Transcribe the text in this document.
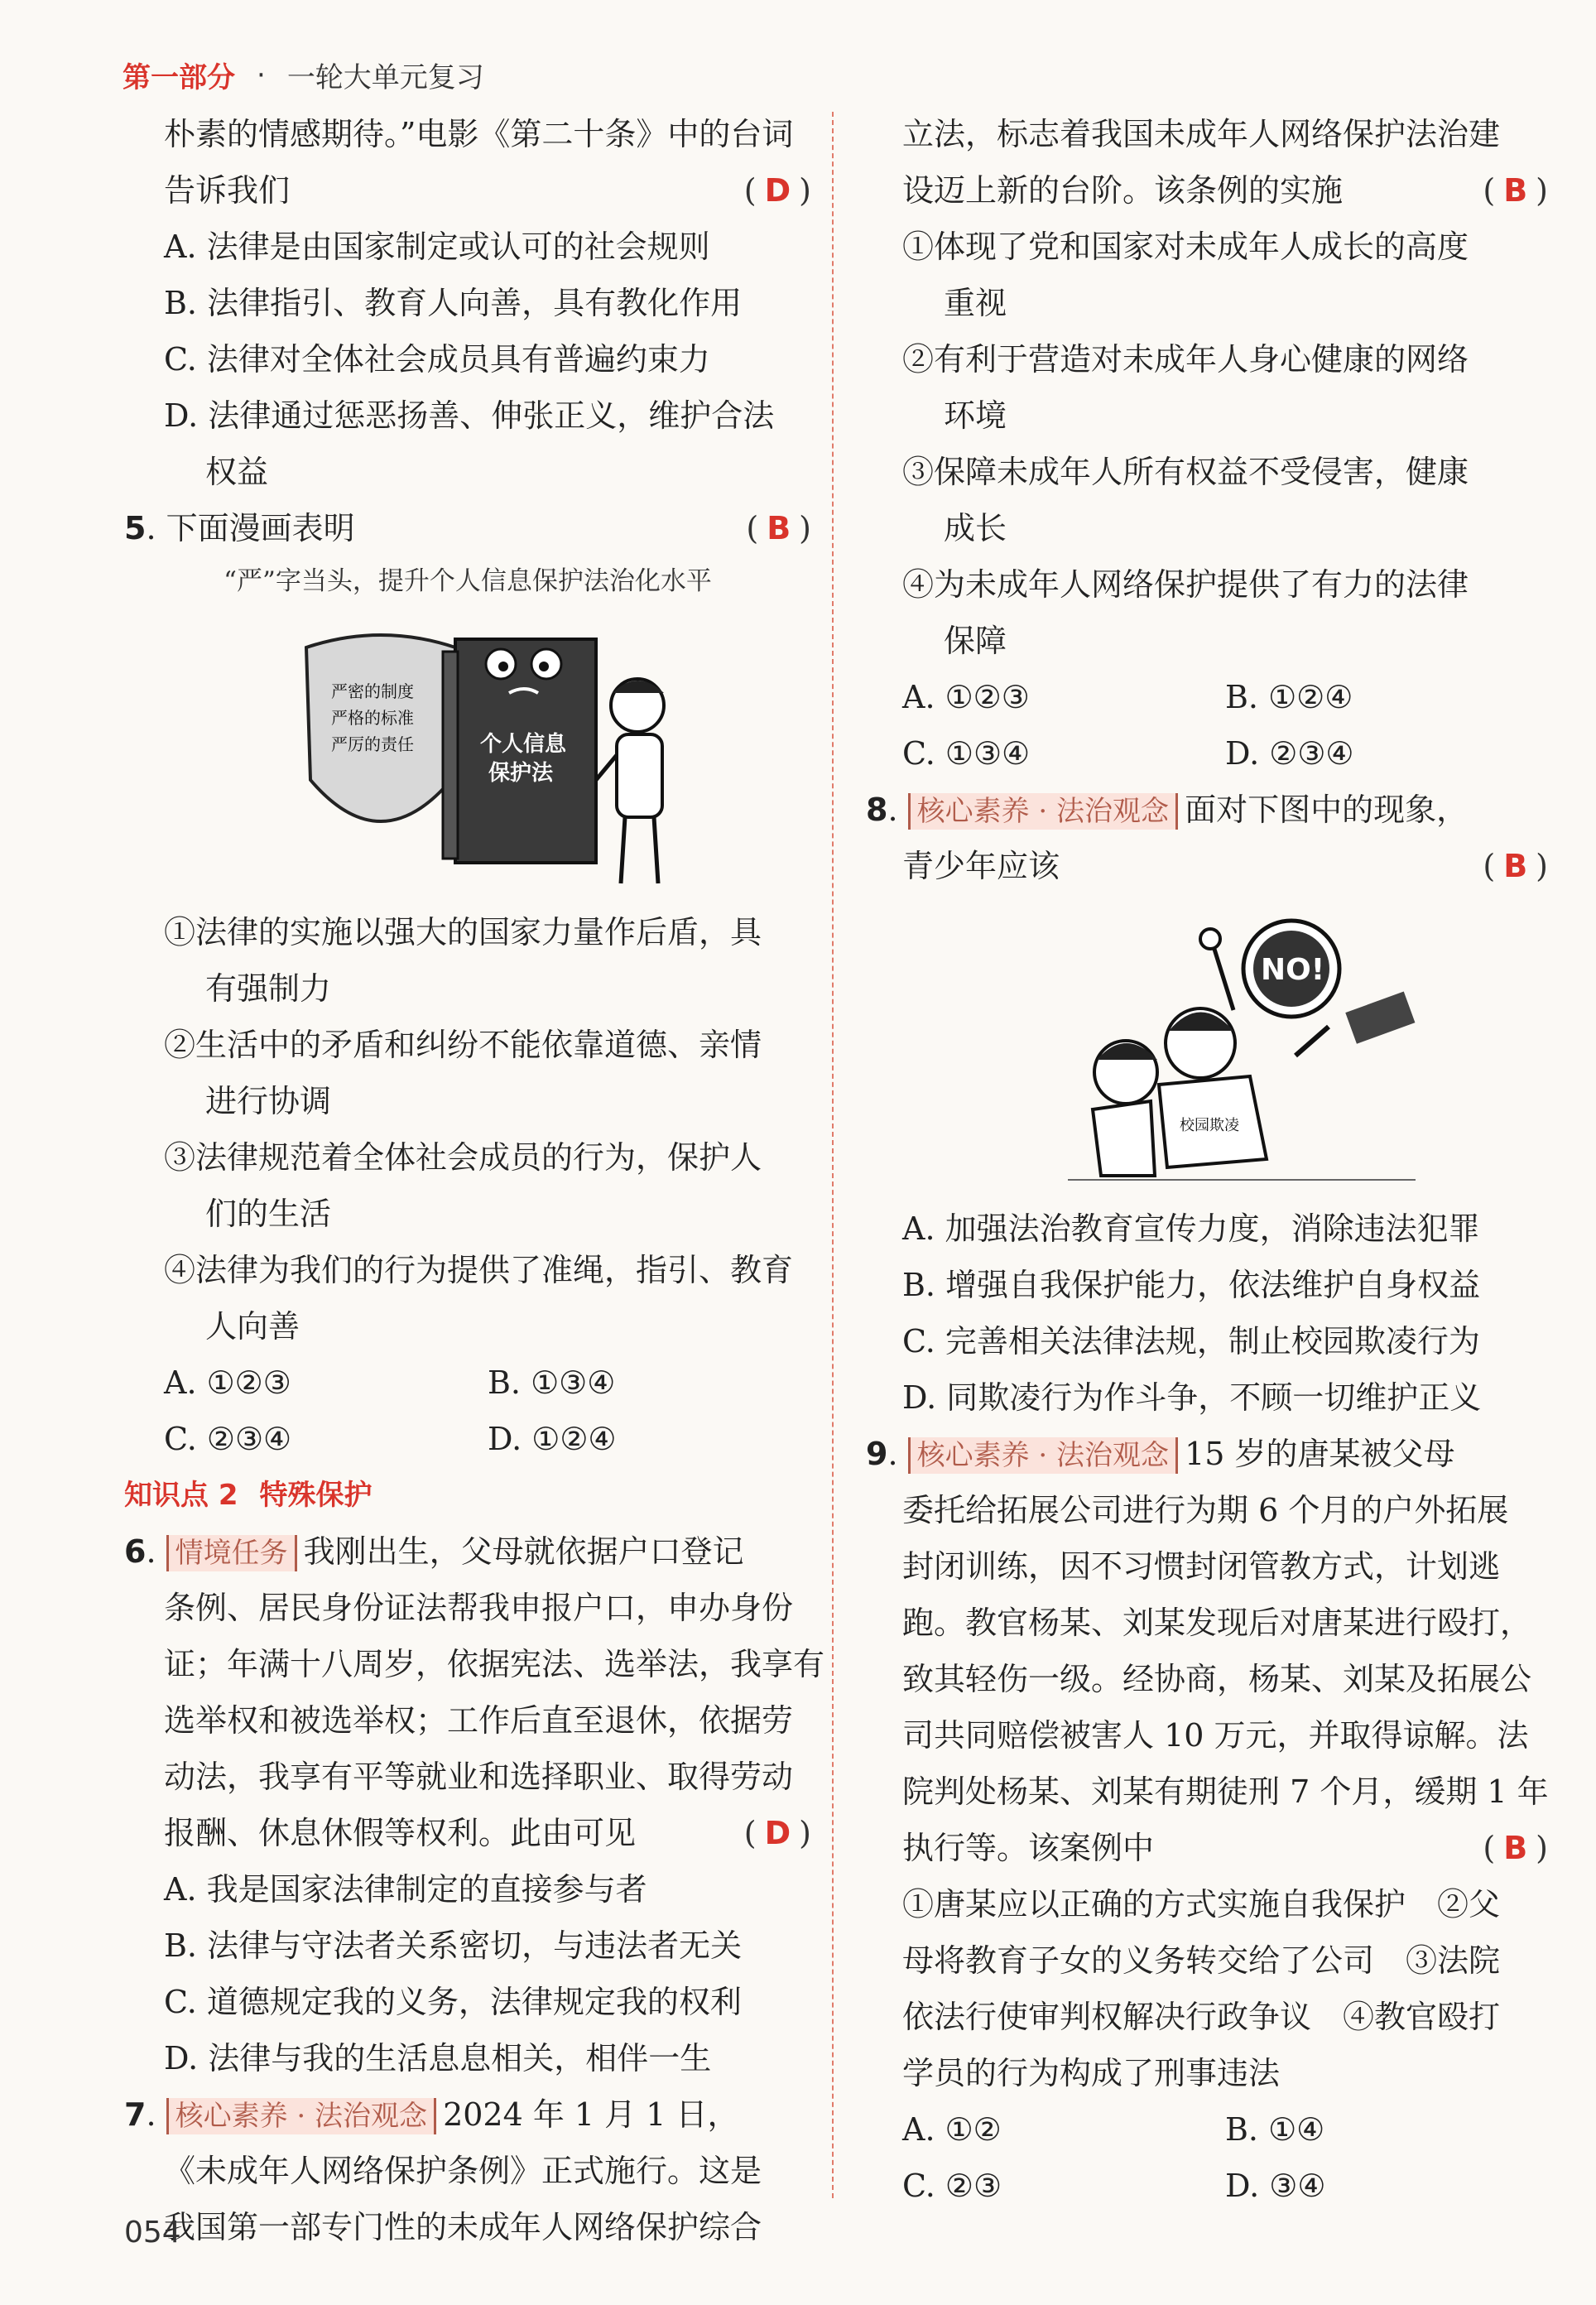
第一部分 · 一轮大单元复习
朴素的情感期待。”电影《第二十条》中的台词
告诉我们	( D )
A. 法律是由国家制定或认可的社会规则
B. 法律指引、教育人向善，具有教化作用
C. 法律对全体社会成员具有普遍约束力
D. 法律通过惩恶扬善、伸张正义，维护合法
权益
5. 下面漫画表明	( B )
“严”字当头，提升个人信息保护法治化水平
严密的制度
严格的标准
严厉的责任	个人信息
保护法
①法律的实施以强大的国家力量作后盾，具
有强制力
②生活中的矛盾和纠纷不能依靠道德、亲情
进行协调
③法律规范着全体社会成员的行为，保护人
们的生活
④法律为我们的行为提供了准绳，指引、教育
人向善
A. ①②③	B. ①③④
C. ②③④	D. ①②④
知识点 2 特殊保护
6. 情境任务 我刚出生，父母就依据户口登记
条例、居民身份证法帮我申报户口，申办身份
证；年满十八周岁，依据宪法、选举法，我享有
选举权和被选举权；工作后直至退休，依据劳
动法，我享有平等就业和选择职业、取得劳动
报酬、休息休假等权利。此由可见	( D )
A. 我是国家法律制定的直接参与者
B. 法律与守法者关系密切，与违法者无关
C. 道德规定我的义务，法律规定我的权利
D. 法律与我的生活息息相关，相伴一生
7. 核心素养 · 法治观念 2024 年 1 月 1 日，
《未成年人网络保护条例》正式施行。这是
我国第一部专门性的未成年人网络保护综合
立法，标志着我国未成年人网络保护法治建
设迈上新的台阶。该条例的实施	( B )
①体现了党和国家对未成年人成长的高度
重视
②有利于营造对未成年人身心健康的网络
环境
③保障未成年人所有权益不受侵害，健康
成长
④为未成年人网络保护提供了有力的法律
保障
A. ①②③	B. ①②④
C. ①③④	D. ②③④
8. 核心素养 · 法治观念 面对下图中的现象，
青少年应该	( B )
NO!
校园欺凌
A. 加强法治教育宣传力度，消除违法犯罪
B. 增强自我保护能力，依法维护自身权益
C. 完善相关法律法规，制止校园欺凌行为
D. 同欺凌行为作斗争，不顾一切维护正义
9. 核心素养 · 法治观念 15 岁的唐某被父母
委托给拓展公司进行为期 6 个月的户外拓展
封闭训练，因不习惯封闭管教方式，计划逃
跑。教官杨某、刘某发现后对唐某进行殴打，
致其轻伤一级。经协商，杨某、刘某及拓展公
司共同赔偿被害人 10 万元，并取得谅解。法
院判处杨某、刘某有期徒刑 7 个月，缓期 1 年
执行等。该案例中	( B )
①唐某应以正确的方式实施自我保护　②父
母将教育子女的义务转交给了公司　③法院
依法行使审判权解决行政争议　④教官殴打
学员的行为构成了刑事违法
A. ①②	B. ①④
C. ②③	D. ③④
054
